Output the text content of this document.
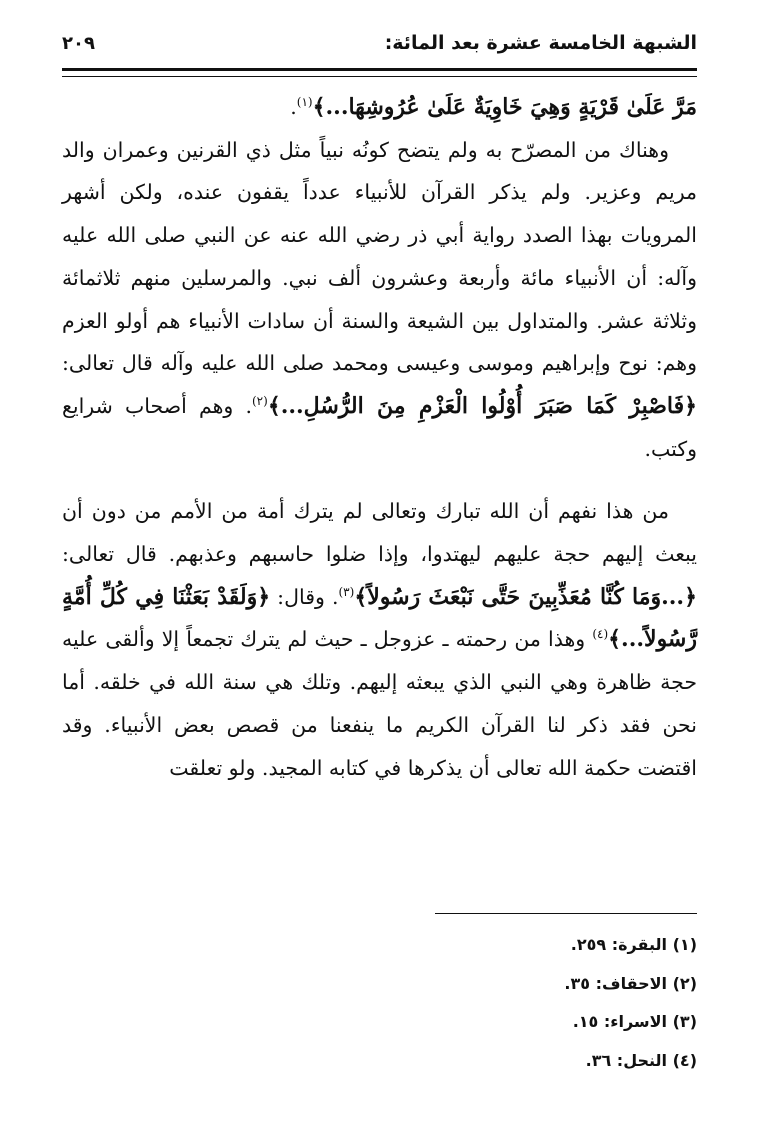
الشبهة الخامسة عشرة بعد المائة:
٢٠٩

مَرَّ عَلَىٰ قَرْيَةٍ وَهِيَ خَاوِيَةٌ عَلَىٰ عُرُوشِهَا...﴾$^{(١)}$.

وهناك من المصرّح به ولم يتضح كونُه نبياً مثل ذي القرنين وعمران والد مريم وعزير. ولم يذكر القرآن للأنبياء عدداً يقفون عنده، ولكن أشهر المرويات بهذا الصدد رواية أبي ذر رضي الله عنه عن النبي صلى الله عليه وآله: أن الأنبياء مائة وأربعة وعشرون ألف نبي. والمرسلين منهم ثلاثمائة وثلاثة عشر. والمتداول بين الشيعة والسنة أن سادات الأنبياء هم أولو العزم وهم: نوح وإبراهيم وموسى وعيسى ومحمد صلى الله عليه وآله قال تعالى: ﴿فَاصْبِرْ كَمَا صَبَرَ أُوْلُوا الْعَزْمِ مِنَ الرُّسُلِ...﴾$^{(٢)}$. وهم أصحاب شرايع وكتب.

من هذا نفهم أن الله تبارك وتعالى لم يترك أمة من الأمم من دون أن يبعث إليهم حجة عليهم ليهتدوا، وإذا ضلوا حاسبهم وعذبهم. قال تعالى: ﴿...وَمَا كُنَّا مُعَذِّبِينَ حَتَّى نَبْعَثَ رَسُولاً﴾$^{(٣)}$. وقال: ﴿وَلَقَدْ بَعَثْنَا فِي كُلِّ أُمَّةٍ رَّسُولاً...﴾$^{(٤)}$ وهذا من رحمته ـ عزوجل ـ حيث لم يترك تجمعاً إلا وألقى عليه حجة ظاهرة وهي النبي الذي يبعثه إليهم. وتلك هي سنة الله في خلقه. أما نحن فقد ذكر لنا القرآن الكريم ما ينفعنا من قصص بعض الأنبياء. وقد اقتضت حكمة الله تعالى أن يذكرها في كتابه المجيد. ولو تعلقت

(١) البقرة: ٢٥٩.
(٢) الاحقاف: ٣٥.
(٣) الاسراء: ١٥.
(٤) النحل: ٣٦.
